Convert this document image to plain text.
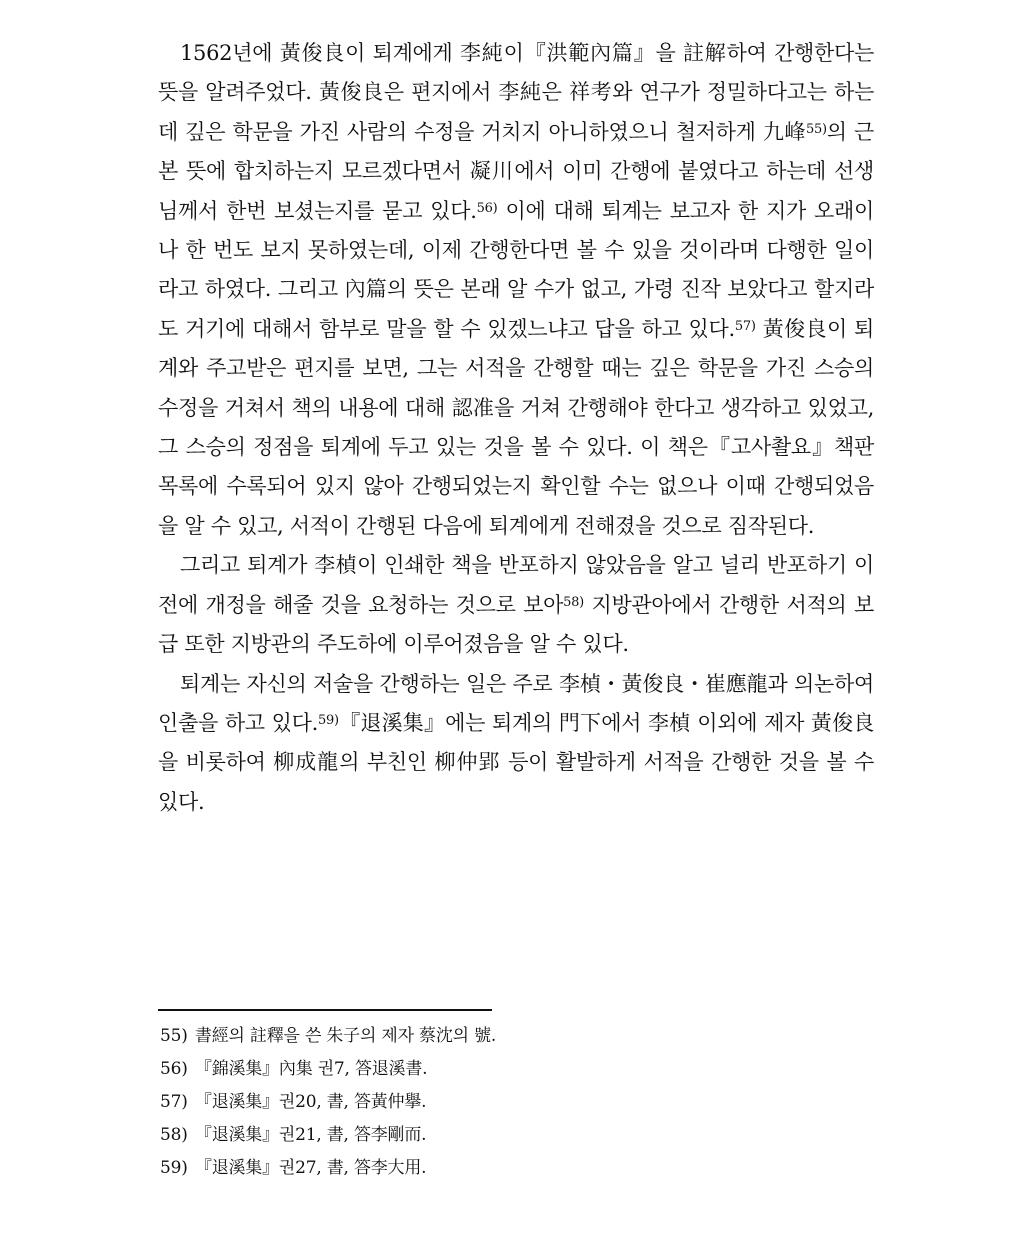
1562년에 黃俊良이 퇴계에게 李純이『洪範內篇』을 註解하여 간행한다는 뜻을 알려주었다. 黃俊良은 편지에서 李純은 祥考와 연구가 정밀하다고는 하는데 깊은 학문을 가진 사람의 수정을 거치지 아니하였으니 철저하게 九峰$^{55)}$의 근본 뜻에 합치하는지 모르겠다면서 凝川에서 이미 간행에 붙였다고 하는데 선생님께서 한번 보셨는지를 묻고 있다.$^{56)}$ 이에 대해 퇴계는 보고자 한 지가 오래이나 한 번도 보지 못하였는데, 이제 간행한다면 볼 수 있을 것이라며 다행한 일이라고 하였다. 그리고 內篇의 뜻은 본래 알 수가 없고, 가령 진작 보았다고 할지라도 거기에 대해서 함부로 말을 할 수 있겠느냐고 답을 하고 있다.$^{57)}$ 黃俊良이 퇴계와 주고받은 편지를 보면, 그는 서적을 간행할 때는 깊은 학문을 가진 스승의 수정을 거쳐서 책의 내용에 대해 認准을 거쳐 간행해야 한다고 생각하고 있었고, 그 스승의 정점을 퇴계에 두고 있는 것을 볼 수 있다. 이 책은『고사촬요』책판목록에 수록되어 있지 않아 간행되었는지 확인할 수는 없으나 이때 간행되었음을 알 수 있고, 서적이 간행된 다음에 퇴계에게 전해졌을 것으로 짐작된다.

그리고 퇴계가 李楨이 인쇄한 책을 반포하지 않았음을 알고 널리 반포하기 이전에 개정을 해줄 것을 요청하는 것으로 보아$^{58)}$ 지방관아에서 간행한 서적의 보급 또한 지방관의 주도하에 이루어졌음을 알 수 있다.

퇴계는 자신의 저술을 간행하는 일은 주로 李楨・黃俊良・崔應龍과 의논하여 인출을 하고 있다.$^{59)}$『退溪集』에는 퇴계의 門下에서 李楨 이외에 제자 黃俊良을 비롯하여 柳成龍의 부친인 柳仲郢 등이 활발하게 서적을 간행한 것을 볼 수 있다.

55) 書經의 註釋을 쓴 朱子의 제자 蔡沈의 號.
56) 『錦溪集』內集 권7, 答退溪書.
57) 『退溪集』권20, 書, 答黃仲擧.
58) 『退溪集』권21, 書, 答李剛而.
59) 『退溪集』권27, 書, 答李大用.
